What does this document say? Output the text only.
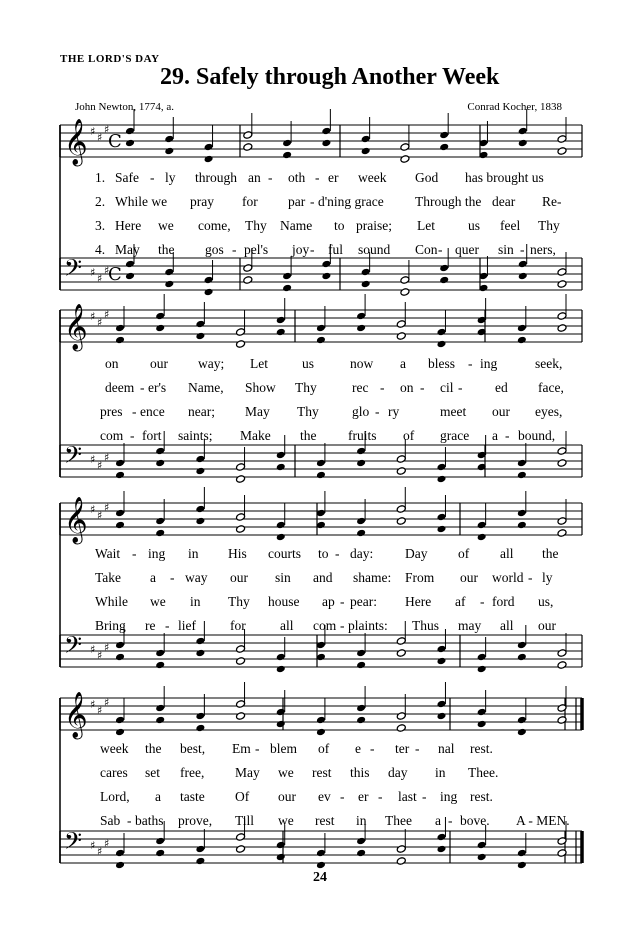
THE LORD'S DAY
29. Safely through Another Week
John Newton, 1774, a.	Conrad Kocher, 1838
𝄞 ♯ ♯
♯
C
𝄢 ♯ ♯
♯
C
𝄞 ♯ ♯
♯
𝄢 ♯ ♯
♯
𝄞 ♯ ♯
♯
𝄢 ♯ ♯
♯
𝄞 ♯ ♯
♯
𝄢 ♯ ♯
♯
1. Safe - ly through an - oth - er week God has brought us
2. While we pray for par - d'ning grace Through the dear Re-
3. Here we come, Thy Name to praise; Let us feel Thy
4. May the gos - pel's joy - ful sound Con - quer sin - ners,
on our way; Let	us	now a bless - ing	seek,
deem - er's Name, Show Thy	rec - on - cil - ed face,
pres - ence near; May Thy glo - ry	meet our eyes,
com - fort saints; Make the fruits of grace a - bound,
Wait - ing in His courts to - day: Day of all the
Take a - way our sin and shame: From our world - ly
While we in Thy house ap - pear: Here af - ford us,
Bring re - lief	for	all com - plaints: Thus may all our
week the best, Em - blem of e - ter - nal rest.
cares set free, May we rest this day in Thee.
Lord, a taste Of our ev - er - last - ing rest.
Sab - baths prove, Till we rest in Thee a - bove. A - MEN.
24
